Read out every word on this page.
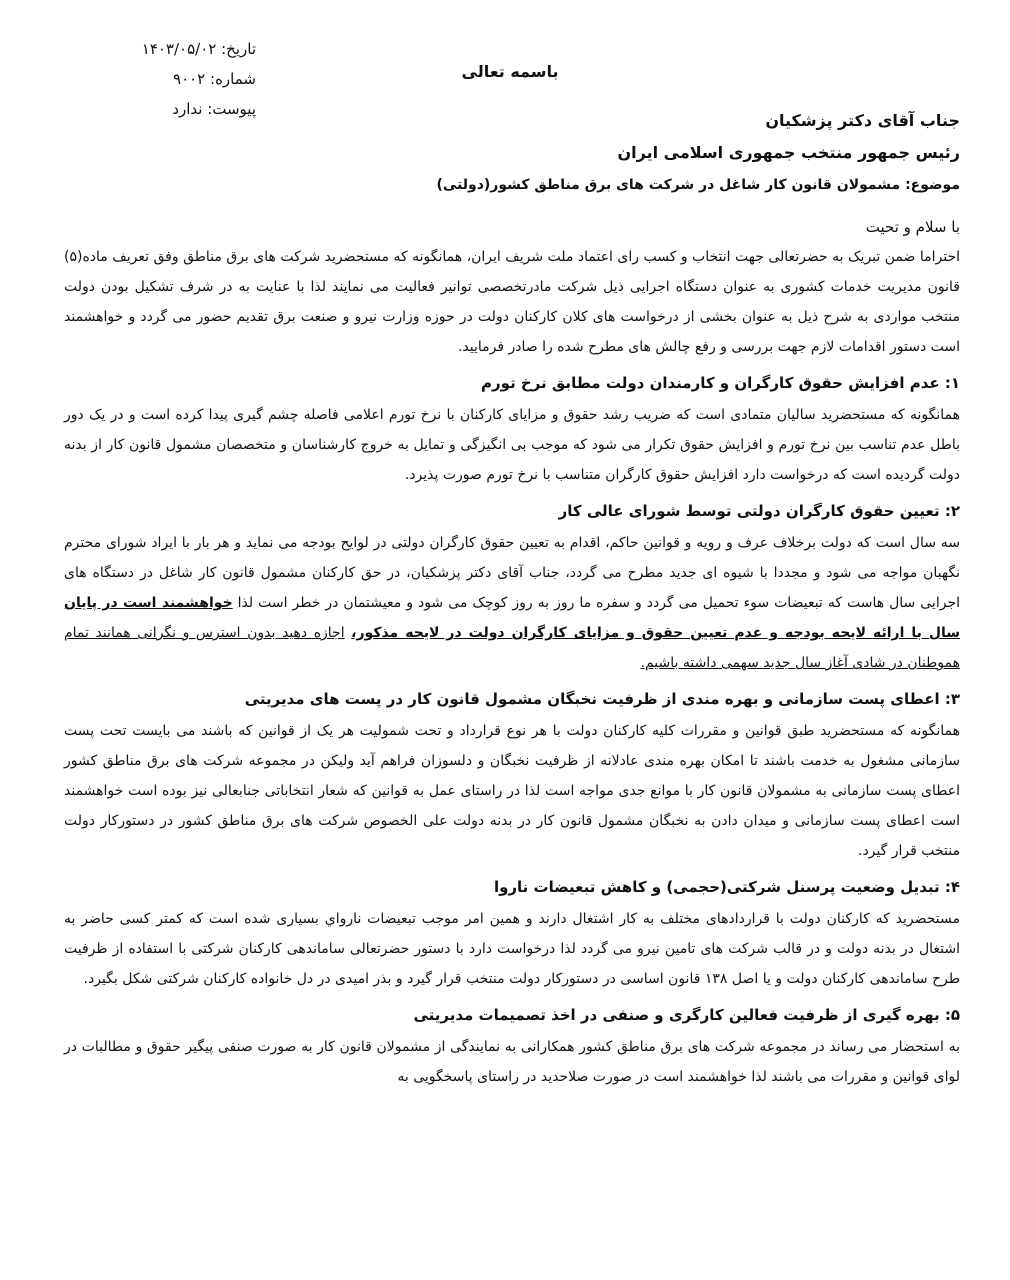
تاریخ: ۱۴۰۳/۰۵/۰۲
شماره: ۹۰۰۲
پیوست: ندارد
باسمه تعالی
جناب آقای دکتر پزشکیان
رئیس جمهور منتخب جمهوری اسلامی ایران
موضوع: مشمولان قانون کار شاغل در شرکت های برق مناطق کشور(دولتی)

با سلام و تحیت

احتراما ضمن تبریک به حضرتعالی جهت انتخاب و کسب رای اعتماد ملت شریف ایران، همانگونه که مستحضرید شرکت های برق مناطق وفق تعریف ماده(۵) قانون مدیریت خدمات کشوری به عنوان دستگاه اجرایی ذیل شرکت مادرتخصصی توانیر فعالیت می نمایند لذا با عنایت به در شرف تشکیل بودن دولت منتخب مواردی به شرح ذیل به عنوان بخشی از درخواست های کلان کارکنان دولت در حوزه وزارت نیرو و صنعت برق تقدیم حضور می گردد و خواهشمند است دستور اقدامات لازم جهت بررسی و رفع چالش های مطرح شده را صادر فرمایید.

۱: عدم افزایش حقوق کارگران و کارمندان دولت مطابق نرخ تورم

همانگونه که مستحضرید سالیان متمادی است که ضریب رشد حقوق و مزایای کارکنان با نرخ تورم اعلامی فاصله چشم گیری پیدا کرده است و در یک دور باطل عدم تناسب بین نرخ تورم و افزایش حقوق تکرار می شود که موجب بی انگیزگی و تمایل به خروج کارشناسان و متخصصان مشمول قانون کار از بدنه دولت گردیده است که درخواست دارد افزایش حقوق کارگران متناسب با نرخ تورم صورت پذیرد.

۲: تعیین حقوق کارگران دولتی توسط شورای عالی کار

سه سال است که دولت برخلاف عرف و رویه و قوانین حاکم، اقدام به تعیین حقوق کارگران دولتی در لوایح بودجه می نماید و هر بار با ایراد شورای محترم نگهبان مواجه می شود و مجددا با شیوه ای جدید مطرح می گردد، جناب آقای دکتر پزشکیان، در حق کارکنان مشمول قانون کار شاغل در دستگاه های اجرایی سال هاست که تبعیضات سوء تحمیل می گردد و سفره ما روز به روز کوچک می شود و معیشتمان در خطر است لذا خواهشمند است در پایان سال با ارائه لایحه بودجه و عدم تعیین حقوق و مزایای کارگران دولت در لایحه مذکور، اجازه دهید بدون استرس و نگرانی همانند تمام هموطنان در شادی آغاز سال جدید سهمی داشته باشیم.

۳: اعطای پست سازمانی و بهره مندی از ظرفیت نخبگان مشمول قانون کار در پست های مدیریتی

همانگونه که مستحضرید طبق قوانین و مقررات کلیه کارکنان دولت با هر نوع قرارداد و تحت شمولیت هر یک از قوانین که باشند می بایست تحت پست سازمانی مشغول به خدمت باشند تا امکان بهره مندی عادلانه از ظرفیت نخبگان و دلسوزان فراهم آید ولیکن در مجموعه شرکت های برق مناطق کشور اعطای پست سازمانی به مشمولان قانون کار با موانع جدی مواجه است لذا در راستای عمل به قوانین که شعار انتخاباتی جنابعالی نیز بوده است خواهشمند است اعطای پست سازمانی و میدان دادن به نخبگان مشمول قانون کار در بدنه دولت علی الخصوص شرکت های برق مناطق کشور در دستورکار دولت منتخب قرار گیرد.

۴: تبدیل وضعیت پرسنل شرکتی(حجمی) و کاهش تبعیضات ناروا

مستحضرید که کارکنان دولت با قراردادهای مختلف به کار اشتغال دارند و همین امر موجب تبعیضات نارواي بسیاری شده است که کمتر کسی حاضر به اشتغال در بدنه دولت و در قالب شرکت های تامین نیرو می گردد لذا درخواست دارد با دستور حضرتعالی ساماندهی کارکنان شرکتی با استفاده از ظرفیت طرح ساماندهی کارکنان دولت و یا اصل ۱۳۸ قانون اساسی در دستورکار دولت منتخب قرار گیرد و بذر امیدی در دل خانواده کارکنان شرکتی شکل بگیرد.

۵: بهره گیری از ظرفیت فعالین کارگری و صنفی در اخذ تصمیمات مدیریتی

به استحضار می رساند در مجموعه شرکت های برق مناطق کشور همکارانی به نمایندگی از مشمولان قانون کار به صورت صنفی پیگیر حقوق و مطالبات در لوای قوانین و مقررات می باشند لذا خواهشمند است در صورت صلاحدید در راستای پاسخگویی به
